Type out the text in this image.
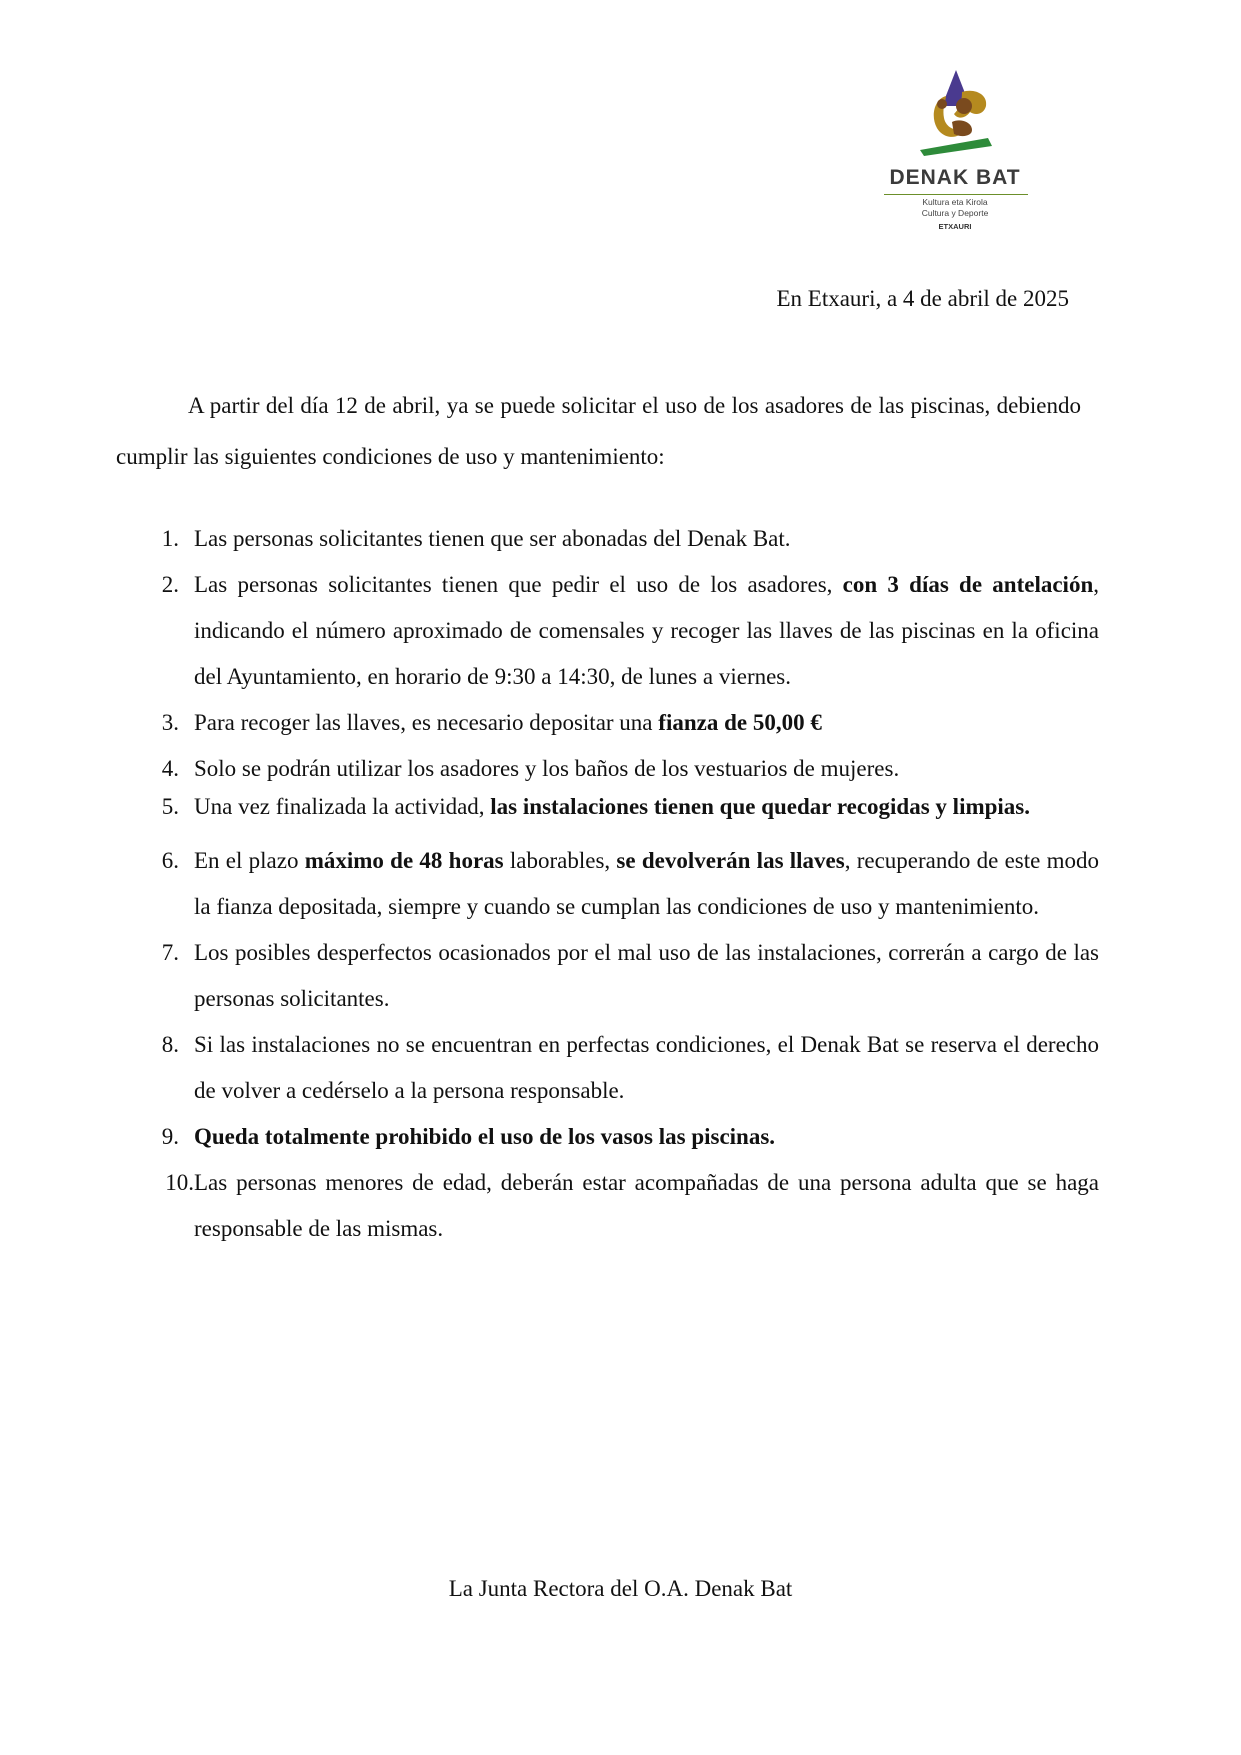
DENAK BAT
Kultura eta Kirola
Cultura y Deporte
ETXAURI
En Etxauri, a 4 de abril de 2025

A partir del día 12 de abril, ya se puede solicitar el uso de los asadores de las piscinas, debiendo cumplir las siguientes condiciones de uso y mantenimiento:

1. Las personas solicitantes tienen que ser abonadas del Denak Bat.
2. Las personas solicitantes tienen que pedir el uso de los asadores, con 3 días de antelación, indicando el número aproximado de comensales y recoger las llaves de las piscinas en la oficina del Ayuntamiento, en horario de 9:30 a 14:30, de lunes a viernes.
3. Para recoger las llaves, es necesario depositar una fianza de 50,00 €
4. Solo se podrán utilizar los asadores y los baños de los vestuarios de mujeres.
5. Una vez finalizada la actividad, las instalaciones tienen que quedar recogidas y limpias.
6. En el plazo máximo de 48 horas laborables, se devolverán las llaves, recuperando de este modo la fianza depositada, siempre y cuando se cumplan las condiciones de uso y mantenimiento.
7. Los posibles desperfectos ocasionados por el mal uso de las instalaciones, correrán a cargo de las personas solicitantes.
8. Si las instalaciones no se encuentran en perfectas condiciones, el Denak Bat se reserva el derecho de volver a cedérselo a la persona responsable.
9. Queda totalmente prohibido el uso de los vasos las piscinas.
10. Las personas menores de edad, deberán estar acompañadas de una persona adulta que se haga responsable de las mismas.
La Junta Rectora del O.A. Denak Bat
